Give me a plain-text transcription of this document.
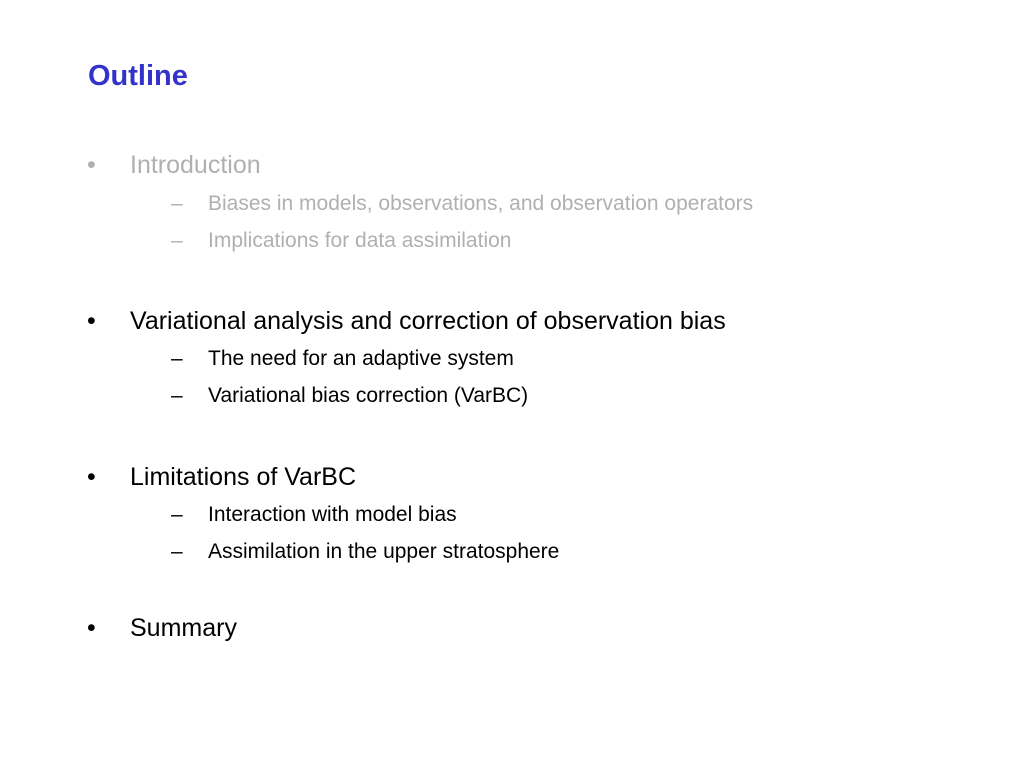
Outline
• Introduction
–	Biases in models, observations, and observation operators
–	Implications for data assimilation
• Variational analysis and correction of observation bias
–	The need for an adaptive system
–	Variational bias correction (VarBC)
• Limitations of VarBC
–	Interaction with model bias
–	Assimilation in the upper stratosphere
• Summary
